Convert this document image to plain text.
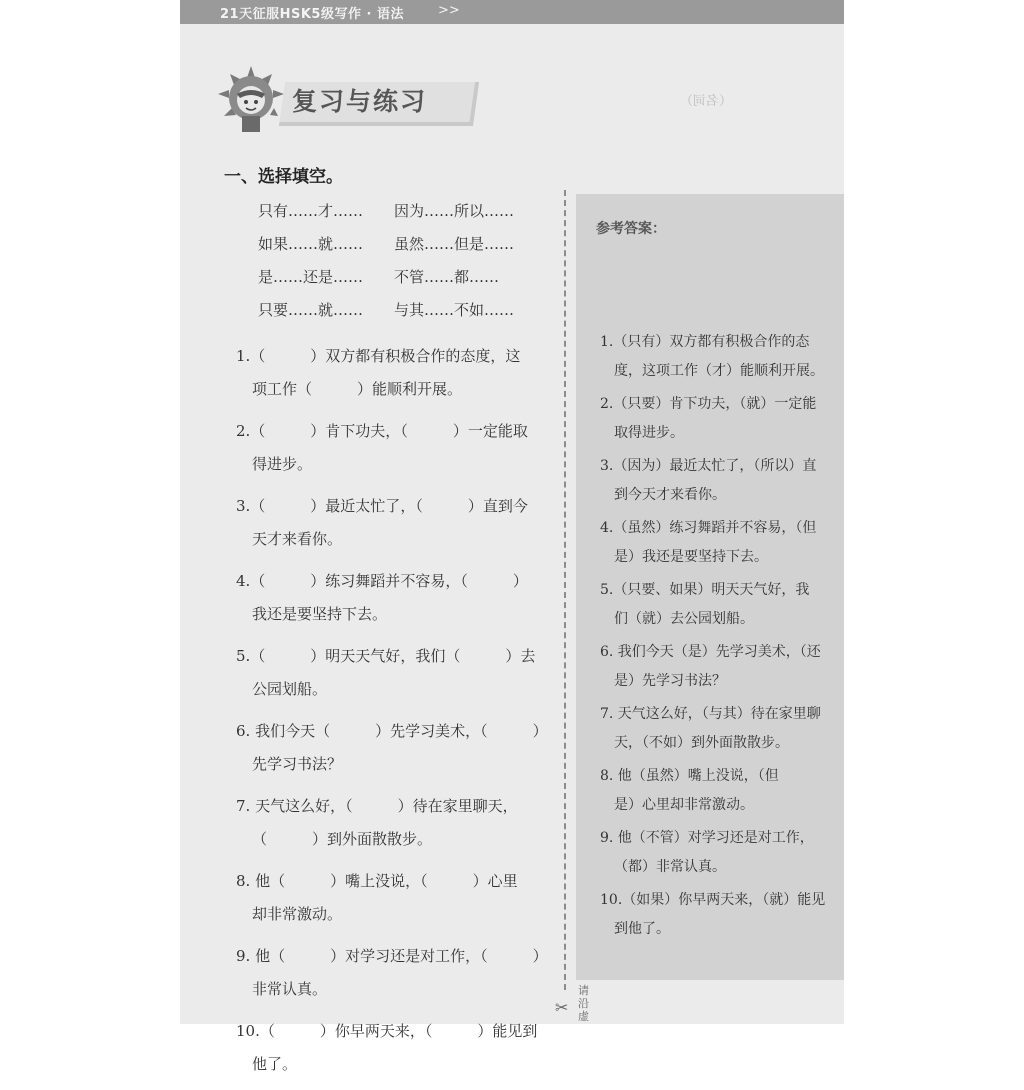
21天征服HSK5级写作 · 语法	>>
（名词）
复习与练习
一、选择填空。
只有……才…… 因为……所以……
如果……就…… 虽然……但是……
是……还是…… 不管……都……
只要……就…… 与其……不如……
1.（　　　）双方都有积极合作的态度，这
项工作（　　　）能顺利开展。
2.（　　　）肯下功夫，（　　　）一定能取
得进步。
3.（　　　）最近太忙了，（　　　）直到今
天才来看你。
4.（　　　）练习舞蹈并不容易，（　　　）
我还是要坚持下去。
5.（　　　）明天天气好，我们（　　　）去
公园划船。
6. 我们今天（　　　）先学习美术，（　　　）
先学习书法？
7. 天气这么好，（　　　）待在家里聊天，
（　　　）到外面散散步。
8. 他（　　　）嘴上没说，（　　　）心里
却非常激动。
9. 他（　　　）对学习还是对工作，（　　　）
非常认真。
10.（　　　）你早两天来，（　　　）能见到
他了。
✂
请沿虚
参考答案：
1.（只有）双方都有积极合作的态
度，这项工作（才）能顺利开展。
2.（只要）肯下功夫，（就）一定能
取得进步。
3.（因为）最近太忙了，（所以）直
到今天才来看你。
4.（虽然）练习舞蹈并不容易，（但
是）我还是要坚持下去。
5.（只要、如果）明天天气好，我
们（就）去公园划船。
6. 我们今天（是）先学习美术，（还
是）先学习书法？
7. 天气这么好，（与其）待在家里聊
天，（不如）到外面散散步。
8. 他（虽然）嘴上没说，（但
是）心里却非常激动。
9. 他（不管）对学习还是对工作，
（都）非常认真。
10.（如果）你早两天来，（就）能见
到他了。
